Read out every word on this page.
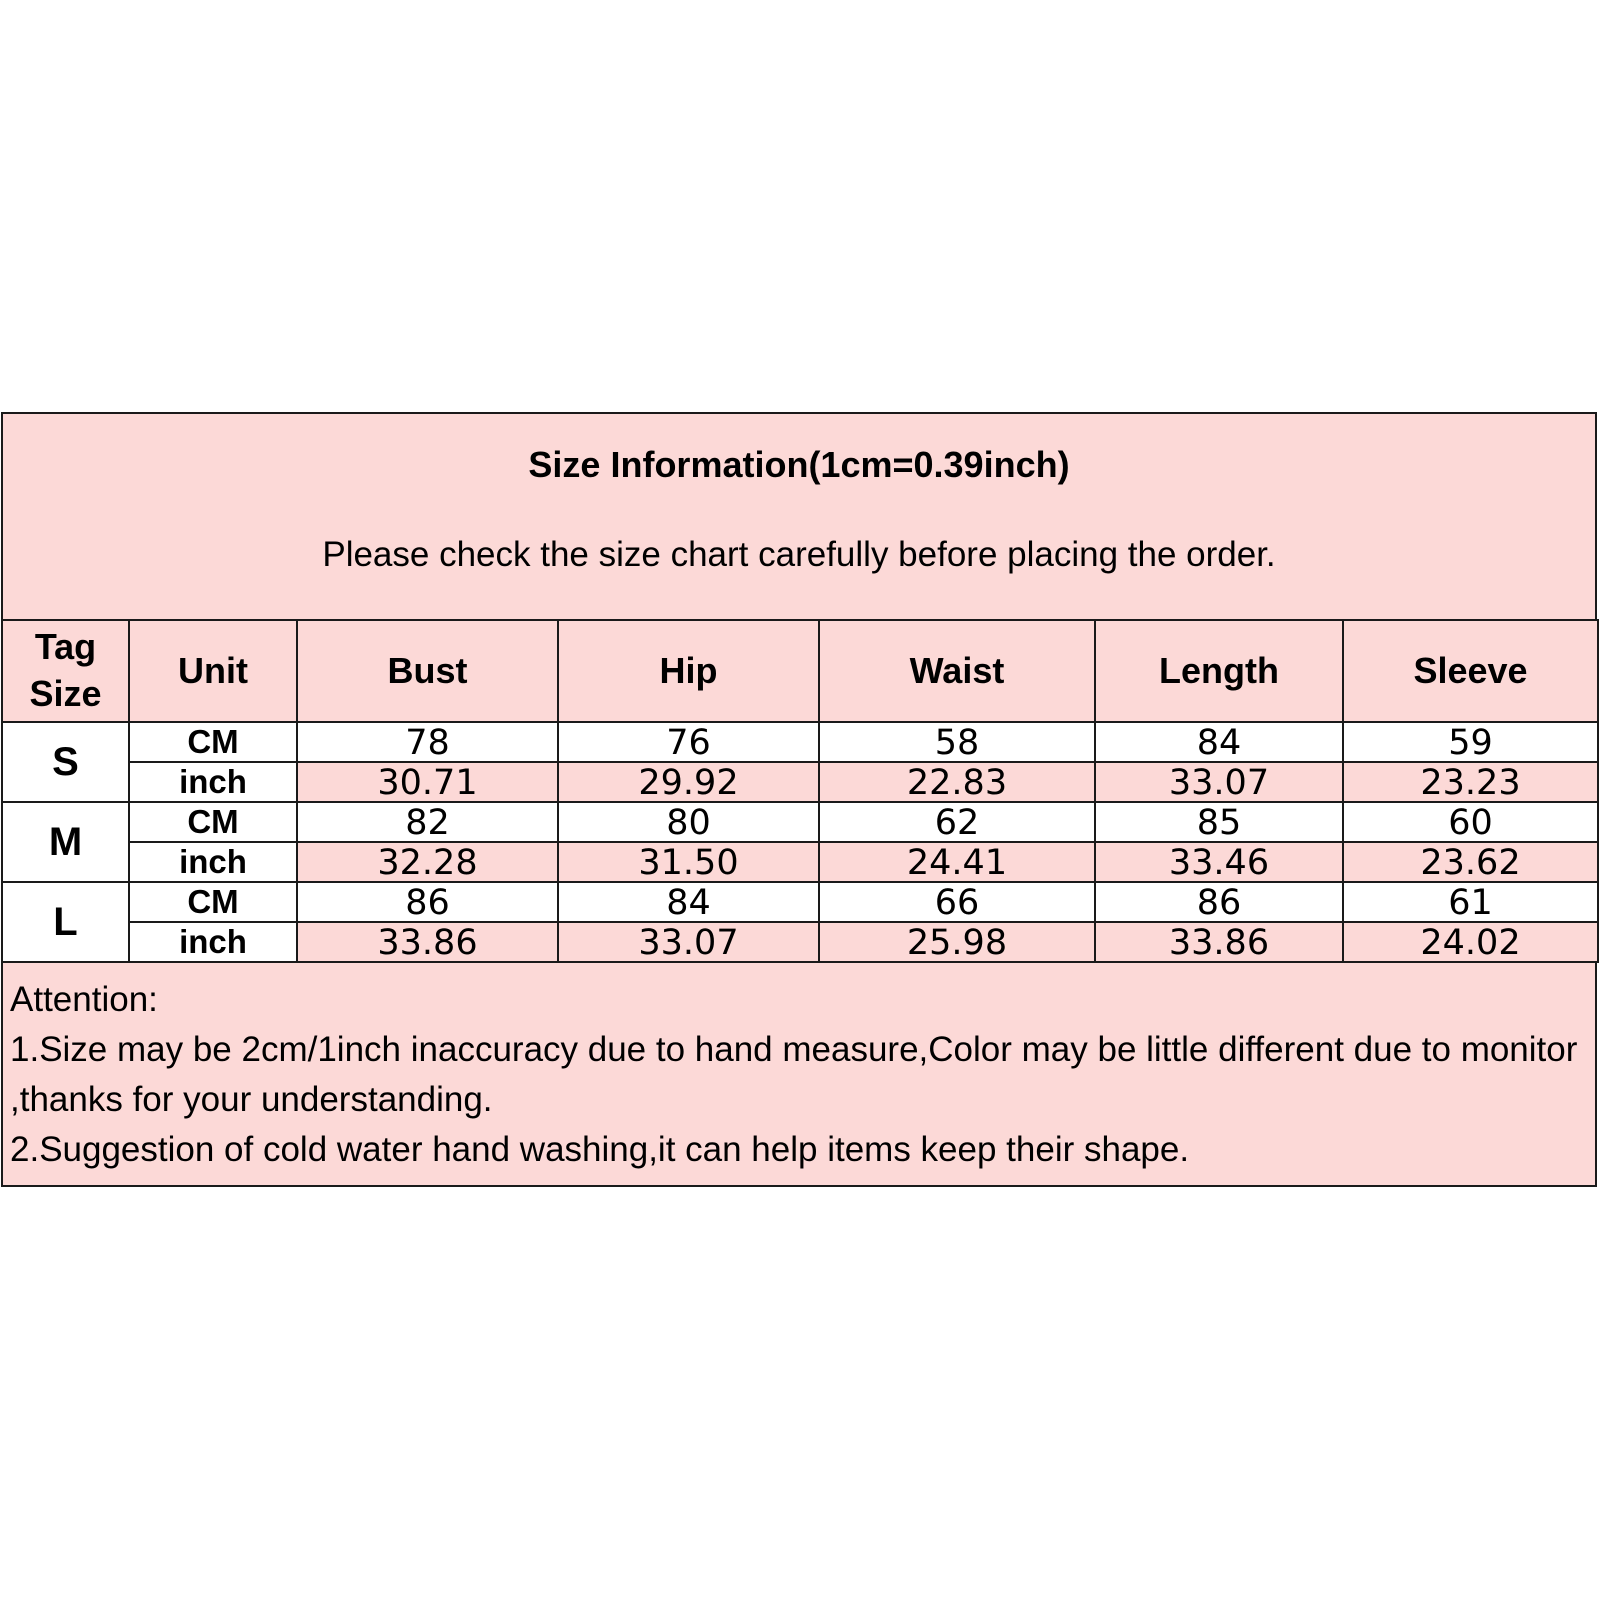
Size Information(1cm=0.39inch)
Please check the size chart carefully before placing the order.
Tag Size	Unit	Bust	Hip	Waist	Length	Sleeve
S	CM	78	76	58	84	59
	inch	30.71	29.92	22.83	33.07	23.23
M	CM	82	80	62	85	60
	inch	32.28	31.50	24.41	33.46	23.62
L	CM	86	84	66	86	61
	inch	33.86	33.07	25.98	33.86	24.02
Attention:
1.Size may be 2cm/1inch inaccuracy due to hand measure,Color may be little different due to monitor ,thanks for your understanding.
2.Suggestion of cold water hand washing,it can help items keep their shape.
